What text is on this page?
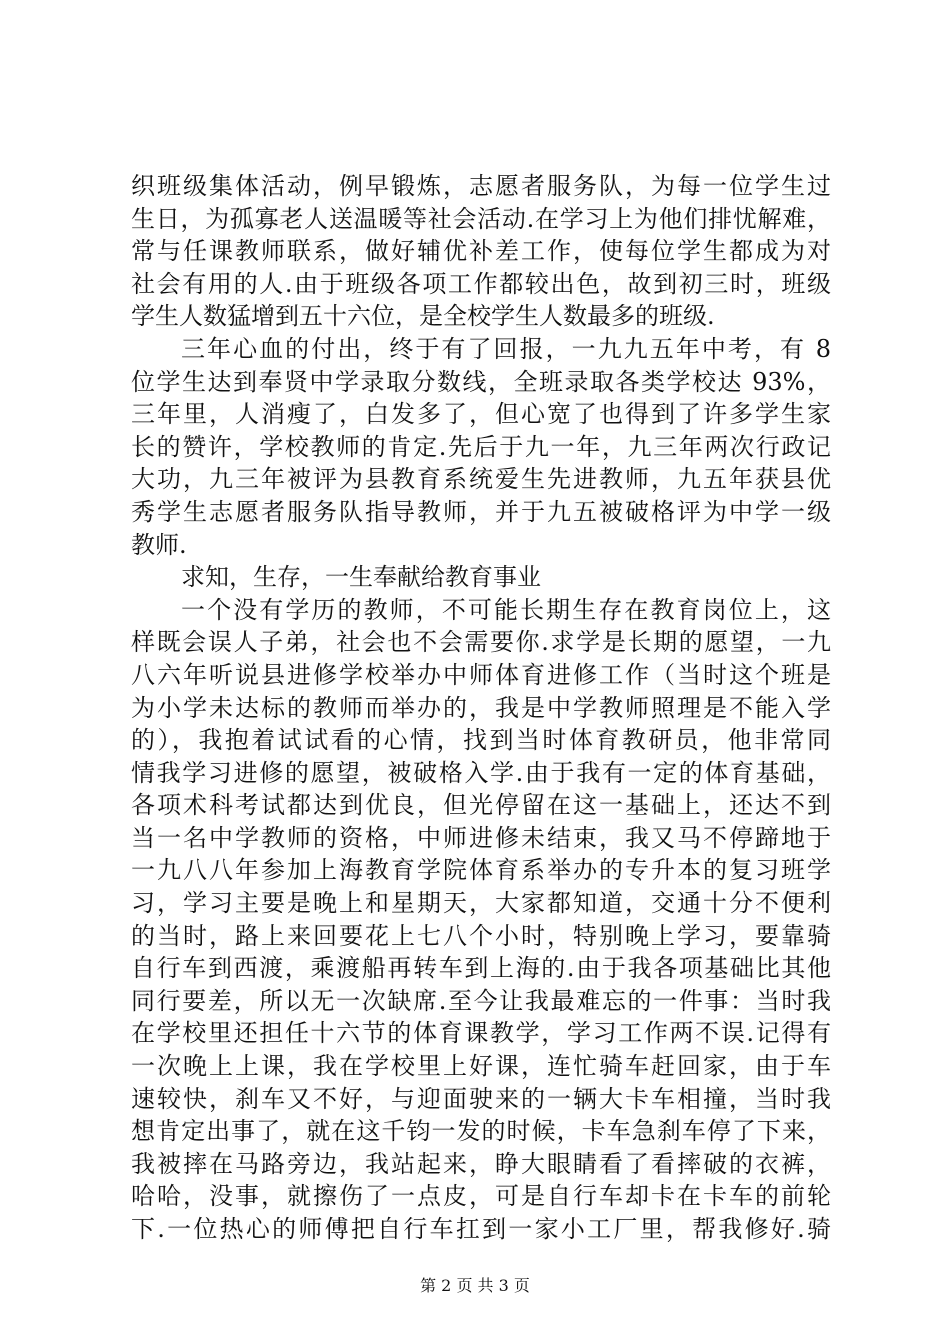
织班级集体活动，例早锻炼，志愿者服务队，为每一位学生过
生日，为孤寡老人送温暖等社会活动.在学习上为他们排忧解难，
常与任课教师联系，做好辅优补差工作，使每位学生都成为对
社会有用的人.由于班级各项工作都较出色，故到初三时，班级
学生人数猛增到五十六位，是全校学生人数最多的班级.
三年心血的付出，终于有了回报，一九九五年中考，有 8
位学生达到奉贤中学录取分数线，全班录取各类学校达 93%，
三年里，人消瘦了，白发多了，但心宽了也得到了许多学生家
长的赞许，学校教师的肯定.先后于九一年，九三年两次行政记
大功，九三年被评为县教育系统爱生先进教师，九五年获县优
秀学生志愿者服务队指导教师，并于九五被破格评为中学一级
教师.
求知，生存，一生奉献给教育事业
一个没有学历的教师，不可能长期生存在教育岗位上，这
样既会误人子弟，社会也不会需要你.求学是长期的愿望，一九
八六年听说县进修学校举办中师体育进修工作（当时这个班是
为小学未达标的教师而举办的，我是中学教师照理是不能入学
的），我抱着试试看的心情，找到当时体育教研员，他非常同
情我学习进修的愿望，被破格入学.由于我有一定的体育基础，
各项术科考试都达到优良，但光停留在这一基础上，还达不到
当一名中学教师的资格，中师进修未结束，我又马不停蹄地于
一九八八年参加上海教育学院体育系举办的专升本的复习班学
习，学习主要是晚上和星期天，大家都知道，交通十分不便利
的当时，路上来回要花上七八个小时，特别晚上学习，要靠骑
自行车到西渡，乘渡船再转车到上海的.由于我各项基础比其他
同行要差，所以无一次缺席.至今让我最难忘的一件事：当时我
在学校里还担任十六节的体育课教学，学习工作两不误.记得有
一次晚上上课，我在学校里上好课，连忙骑车赶回家，由于车
速较快，刹车又不好，与迎面驶来的一辆大卡车相撞，当时我
想肯定出事了，就在这千钧一发的时候，卡车急刹车停了下来，
我被摔在马路旁边，我站起来，睁大眼睛看了看摔破的衣裤，
哈哈，没事，就擦伤了一点皮，可是自行车却卡在卡车的前轮
下.一位热心的师傅把自行车扛到一家小工厂里，帮我修好.骑
第 2 页 共 3 页
